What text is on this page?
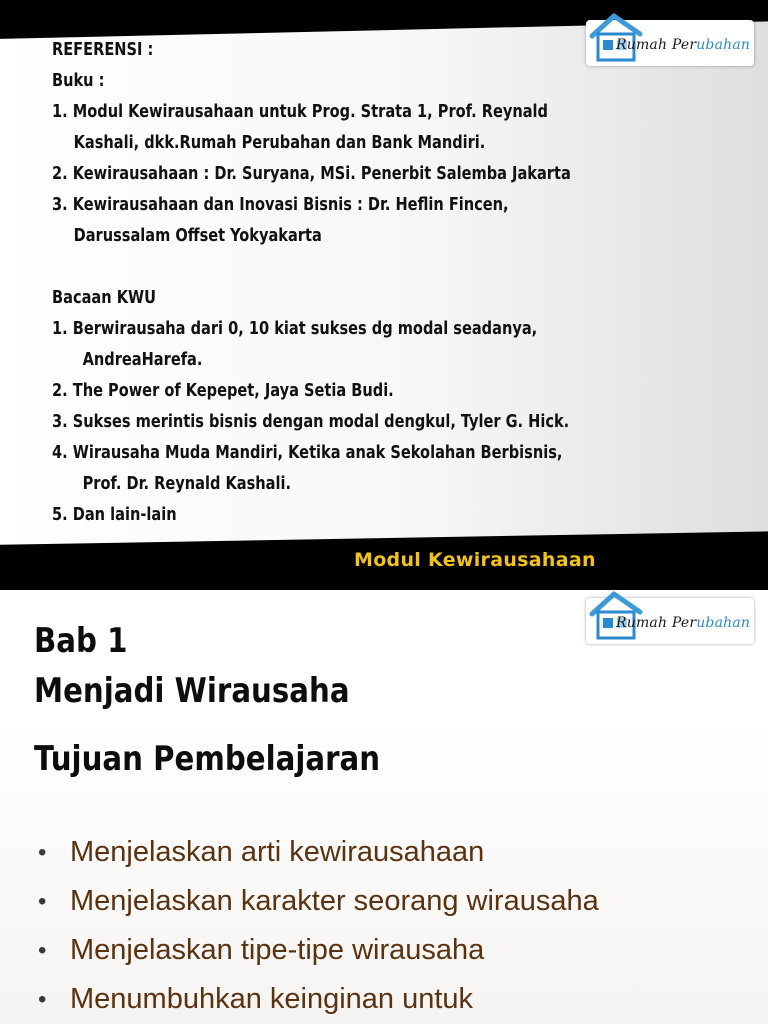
REFERENSI :
Buku :
1. Modul Kewirausahaan untuk Prog. Strata 1, Prof. Reynald
Kashali, dkk.Rumah Perubahan dan Bank Mandiri.
2. Kewirausahaan : Dr. Suryana, MSi. Penerbit Salemba Jakarta
3. Kewirausahaan dan Inovasi Bisnis : Dr. Heflin Fincen,
Darussalam Offset Yokyakarta
Bacaan KWU
1. Berwirausaha dari 0, 10 kiat sukses dg modal seadanya,
AndreaHarefa.
2. The Power of Kepepet, Jaya Setia Budi.
3. Sukses merintis bisnis dengan modal dengkul, Tyler G. Hick.
4. Wirausaha Muda Mandiri, Ketika anak Sekolahan Berbisnis,
Prof. Dr. Reynald Kashali.
5. Dan lain-lain
Modul Kewirausahaan
Rumah Perubahan
Bab 1
Menjadi Wirausaha
Tujuan Pembelajaran
• Menjelaskan arti kewirausahaan
• Menjelaskan karakter seorang wirausaha
• Menjelaskan tipe-tipe wirausaha
• Menumbuhkan keinginan untuk
Rumah Perubahan
